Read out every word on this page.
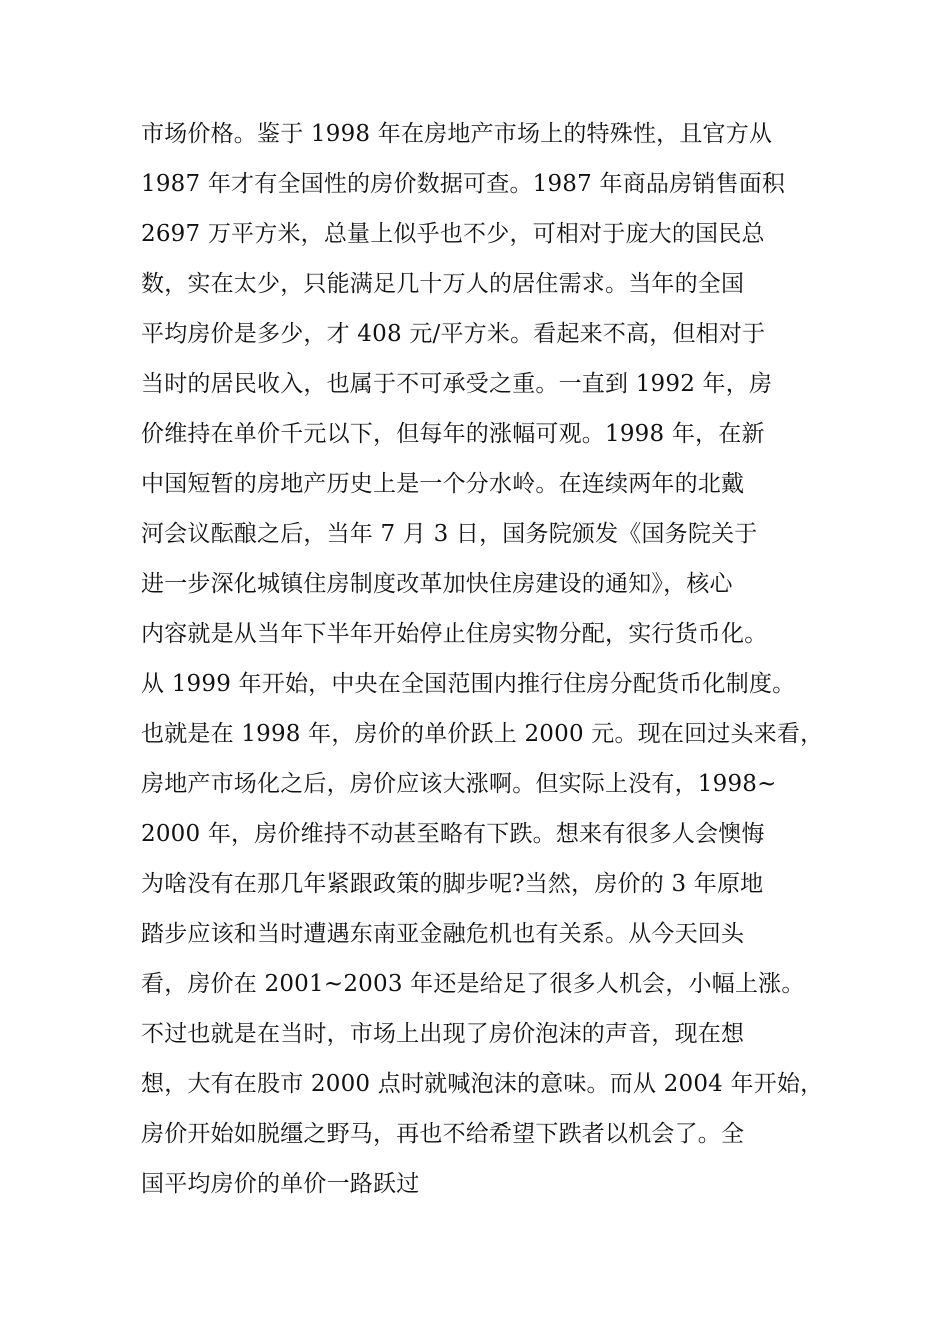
市场价格。鉴于 1998 年在房地产市场上的特殊性，且官方从
1987 年才有全国性的房价数据可查。1987 年商品房销售面积
2697 万平方米，总量上似乎也不少，可相对于庞大的国民总
数，实在太少，只能满足几十万人的居住需求。当年的全国
平均房价是多少，才 408 元/平方米。看起来不高，但相对于
当时的居民收入，也属于不可承受之重。一直到 1992 年，房
价维持在单价千元以下，但每年的涨幅可观。1998 年，在新
中国短暂的房地产历史上是一个分水岭。在连续两年的北戴
河会议酝酿之后，当年 7 月 3 日，国务院颁发《国务院关于
进一步深化城镇住房制度改革加快住房建设的通知》，核心
内容就是从当年下半年开始停止住房实物分配，实行货币化。
从 1999 年开始，中央在全国范围内推行住房分配货币化制度。
也就是在 1998 年，房价的单价跃上 2000 元。现在回过头来看，
房地产市场化之后，房价应该大涨啊。但实际上没有，1998~
2000 年，房价维持不动甚至略有下跌。想来有很多人会懊悔
为啥没有在那几年紧跟政策的脚步呢?当然，房价的 3 年原地
踏步应该和当时遭遇东南亚金融危机也有关系。从今天回头
看，房价在 2001~2003 年还是给足了很多人机会，小幅上涨。
不过也就是在当时，市场上出现了房价泡沫的声音，现在想
想，大有在股市 2000 点时就喊泡沫的意味。而从 2004 年开始，
房价开始如脱缰之野马，再也不给希望下跌者以机会了。全
国平均房价的单价一路跃过
